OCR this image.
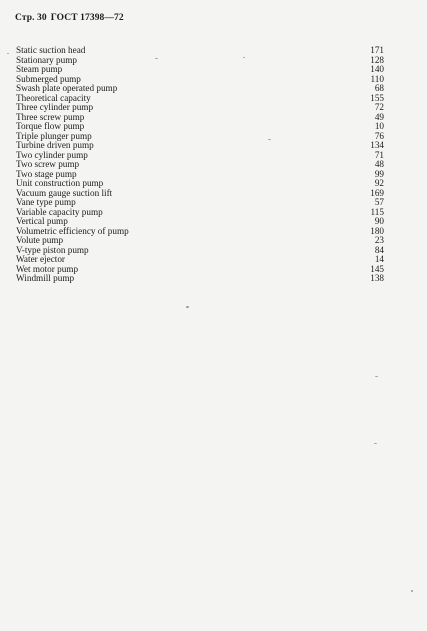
Стр. 30 ГОСТ 17398—72
Static suction head	171
Stationary pump	128
Steam pump	140
Submerged pump	110
Swash plate operated pump	68
Theoretical capacity	155
Three cylinder pump	72
Three screw pump	49
Torque flow pump	10
Triple plunger pump	76
Turbine driven pump	134
Two cylinder pump	71
Two screw pump	48
Two stage pump	99
Unit construction pump	92
Vacuum gauge suction lift	169
Vane type pump	57
Variable capacity pump	115
Vertical pump	90
Volumetric efficiency of pump	180
Volute pump	23
V-type piston pump	84
Water ejector	14
Wet motor pump	145
Windmill pump	138
